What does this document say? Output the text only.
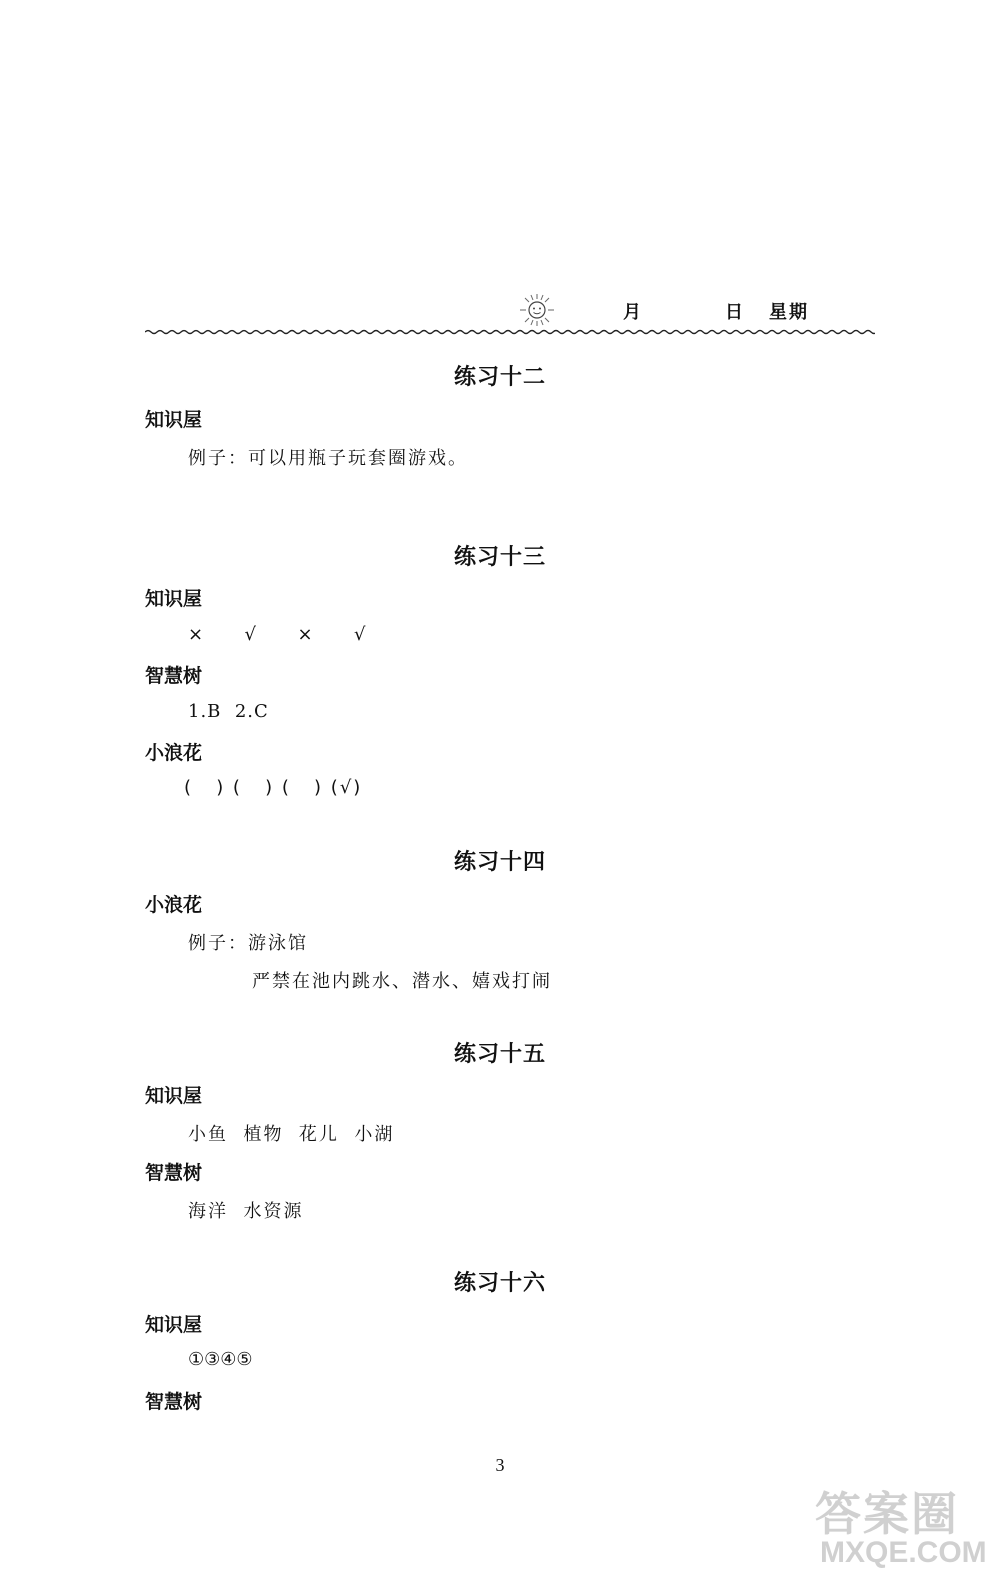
月	日 星期
练习十二
知识屋
例子：可以用瓶子玩套圈游戏。
练习十三
知识屋
×  √  ×  √
智慧树
1.B  2.C
小浪花
(   ) (   ) (   ) (√)
练习十四
小浪花
例子：游泳馆
严禁在池内跳水、潜水、嬉戏打闹
练习十五
知识屋
小鱼  植物  花儿  小湖
智慧树
海洋  水资源
练习十六
知识屋
①③④⑤
智慧树
3
答案圈
MXQE.COM
